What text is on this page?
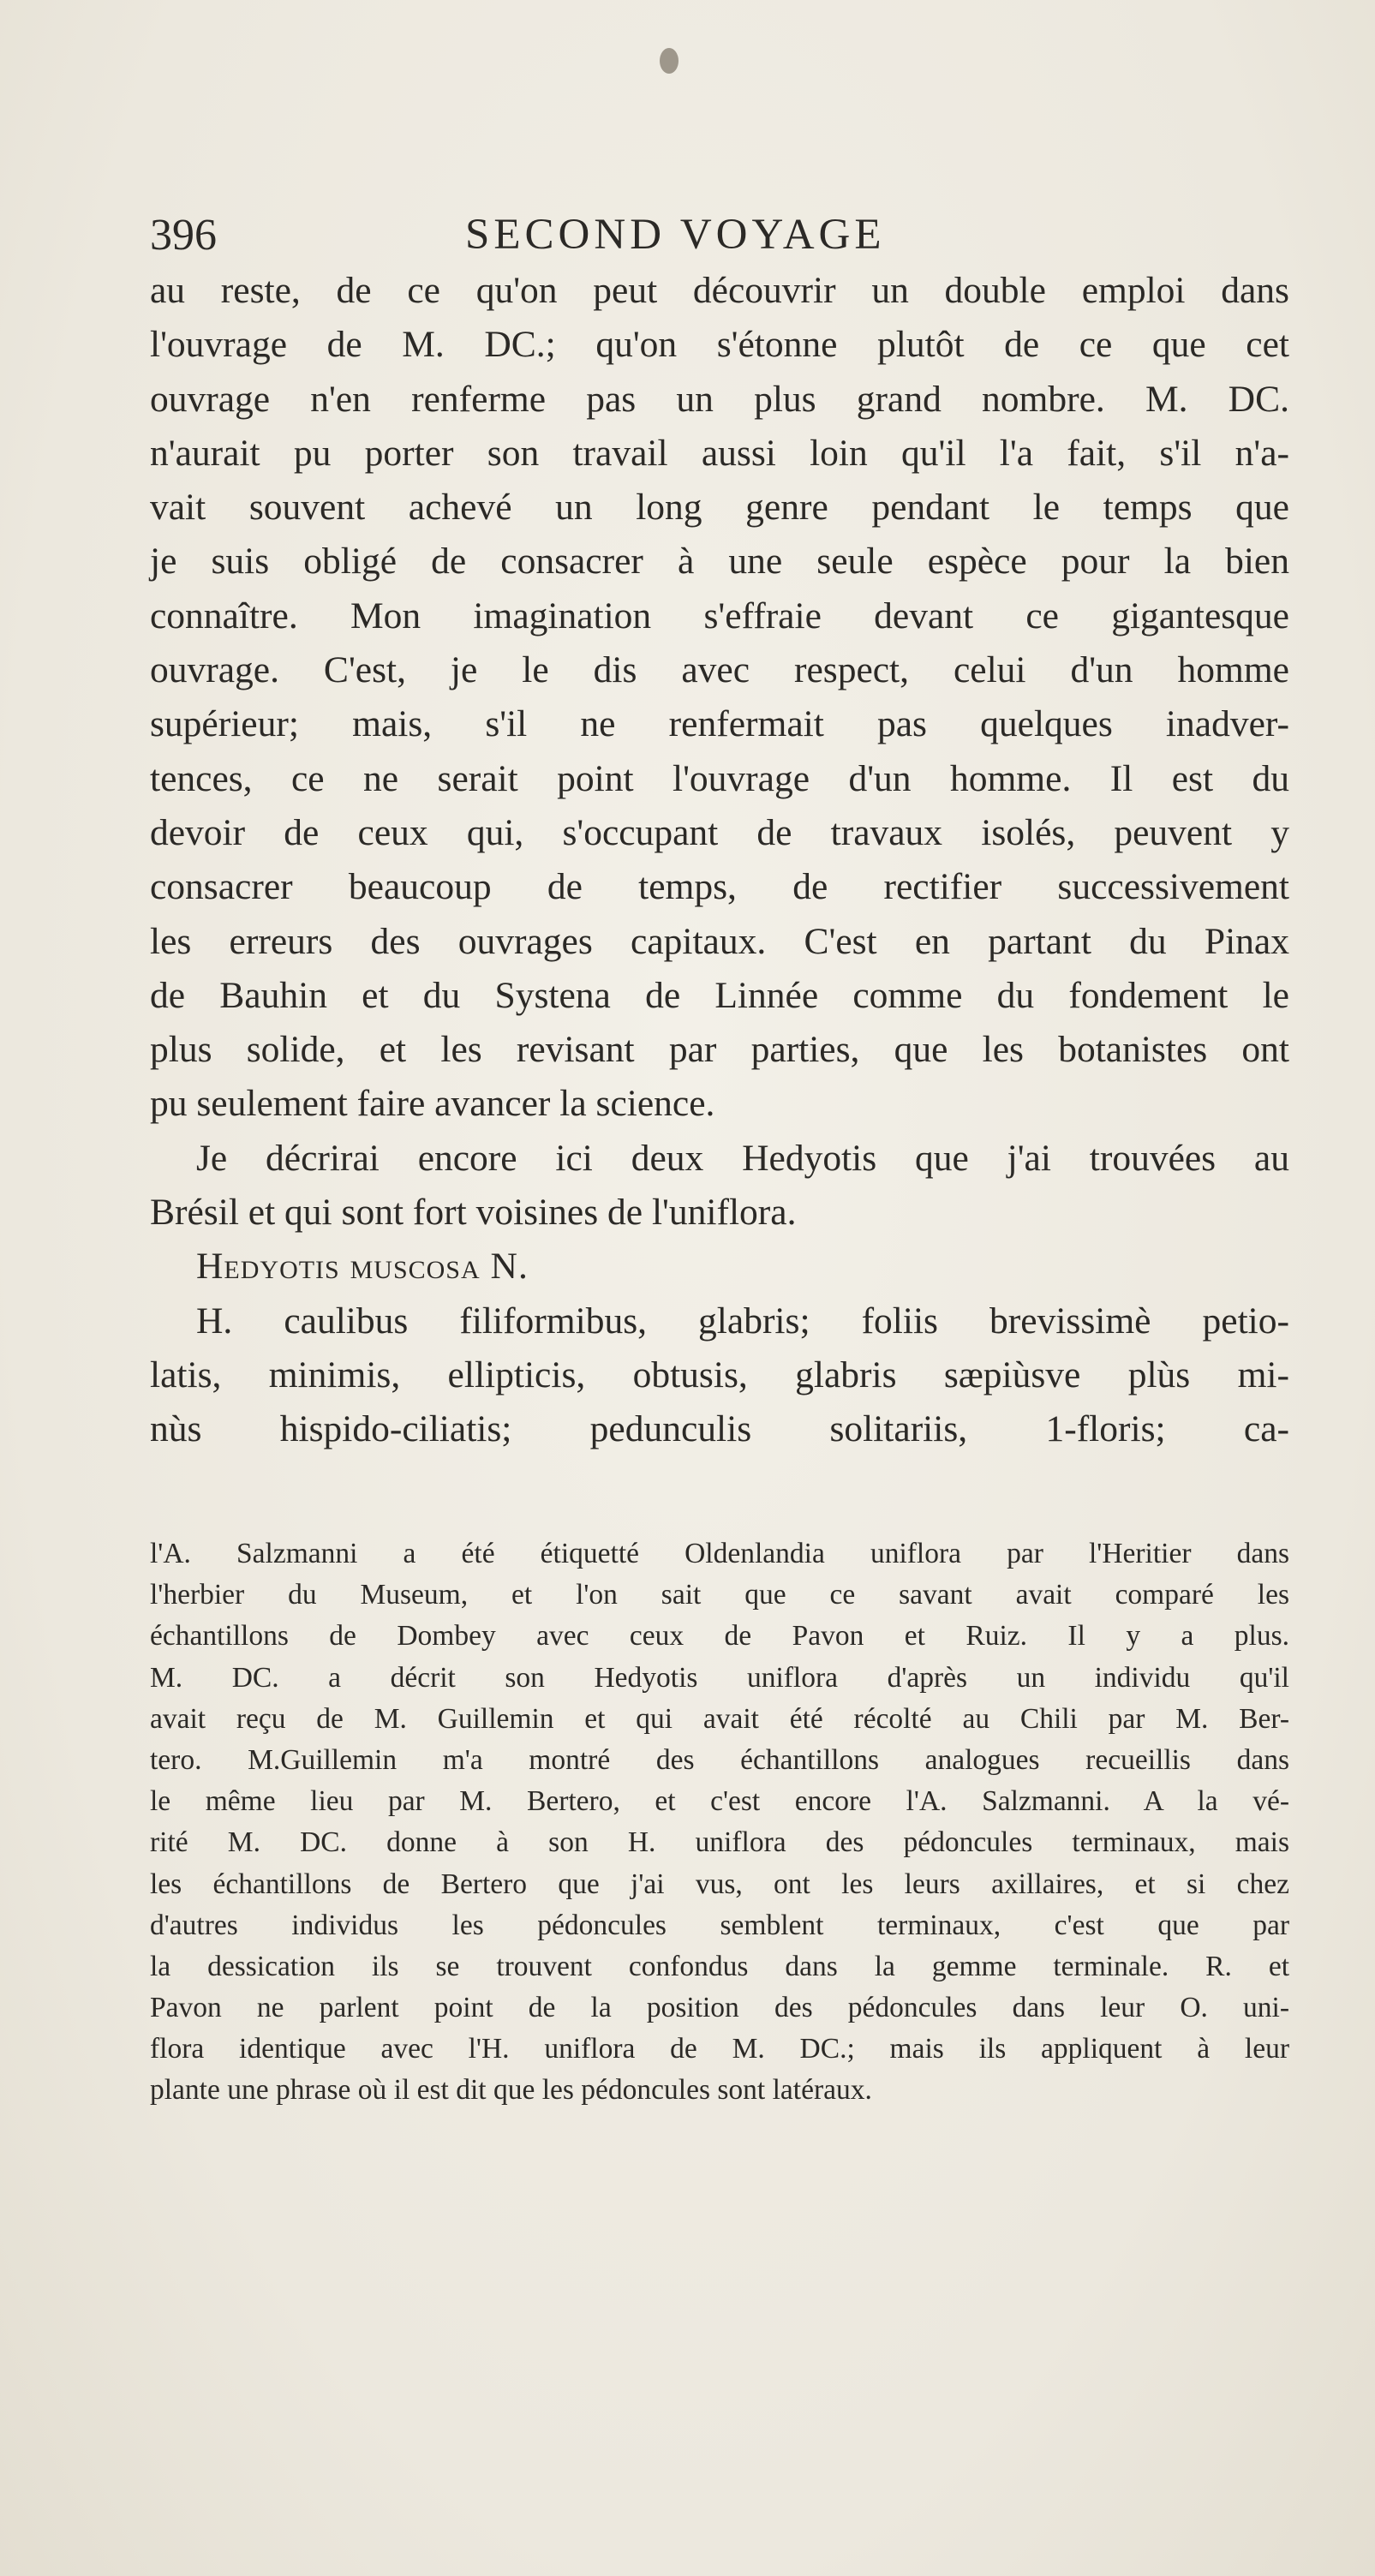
396	SECOND VOYAGE
au reste, de ce qu'on peut découvrir un double emploi dans
l'ouvrage de M. DC.; qu'on s'étonne plutôt de ce que cet
ouvrage n'en renferme pas un plus grand nombre. M. DC.
n'aurait pu porter son travail aussi loin qu'il l'a fait, s'il n'a-
vait souvent achevé un long genre pendant le temps que
je suis obligé de consacrer à une seule espèce pour la bien
connaître. Mon imagination s'effraie devant ce gigantesque
ouvrage. C'est, je le dis avec respect, celui d'un homme
supérieur; mais, s'il ne renfermait pas quelques inadver-
tences, ce ne serait point l'ouvrage d'un homme. Il est du
devoir de ceux qui, s'occupant de travaux isolés, peuvent y
consacrer beaucoup de temps, de rectifier successivement
les erreurs des ouvrages capitaux. C'est en partant du Pinax
de Bauhin et du Systena de Linnée comme du fondement le
plus solide, et les revisant par parties, que les botanistes ont
pu seulement faire avancer la science.
Je décrirai encore ici deux Hedyotis que j'ai trouvées au
Brésil et qui sont fort voisines de l'uniflora.
Hedyotis muscosa N.
H. caulibus filiformibus, glabris; foliis brevissimè petio-
latis, minimis, ellipticis, obtusis, glabris sæpiùsve plùs mi-
nùs hispido-ciliatis; pedunculis solitariis, 1-floris; ca-
l'A. Salzmanni a été étiquetté Oldenlandia uniflora par l'Heritier dans
l'herbier du Museum, et l'on sait que ce savant avait comparé les
échantillons de Dombey avec ceux de Pavon et Ruiz. Il y a plus.
M. DC. a décrit son Hedyotis uniflora d'après un individu qu'il
avait reçu de M. Guillemin et qui avait été récolté au Chili par M. Ber-
tero. M.Guillemin m'a montré des échantillons analogues recueillis dans
le même lieu par M. Bertero, et c'est encore l'A. Salzmanni. A la vé-
rité M. DC. donne à son H. uniflora des pédoncules terminaux, mais
les échantillons de Bertero que j'ai vus, ont les leurs axillaires, et si chez
d'autres individus les pédoncules semblent terminaux, c'est que par
la dessication ils se trouvent confondus dans la gemme terminale. R. et
Pavon ne parlent point de la position des pédoncules dans leur O. uni-
flora identique avec l'H. uniflora de M. DC.; mais ils appliquent à leur
plante une phrase où il est dit que les pédoncules sont latéraux.
